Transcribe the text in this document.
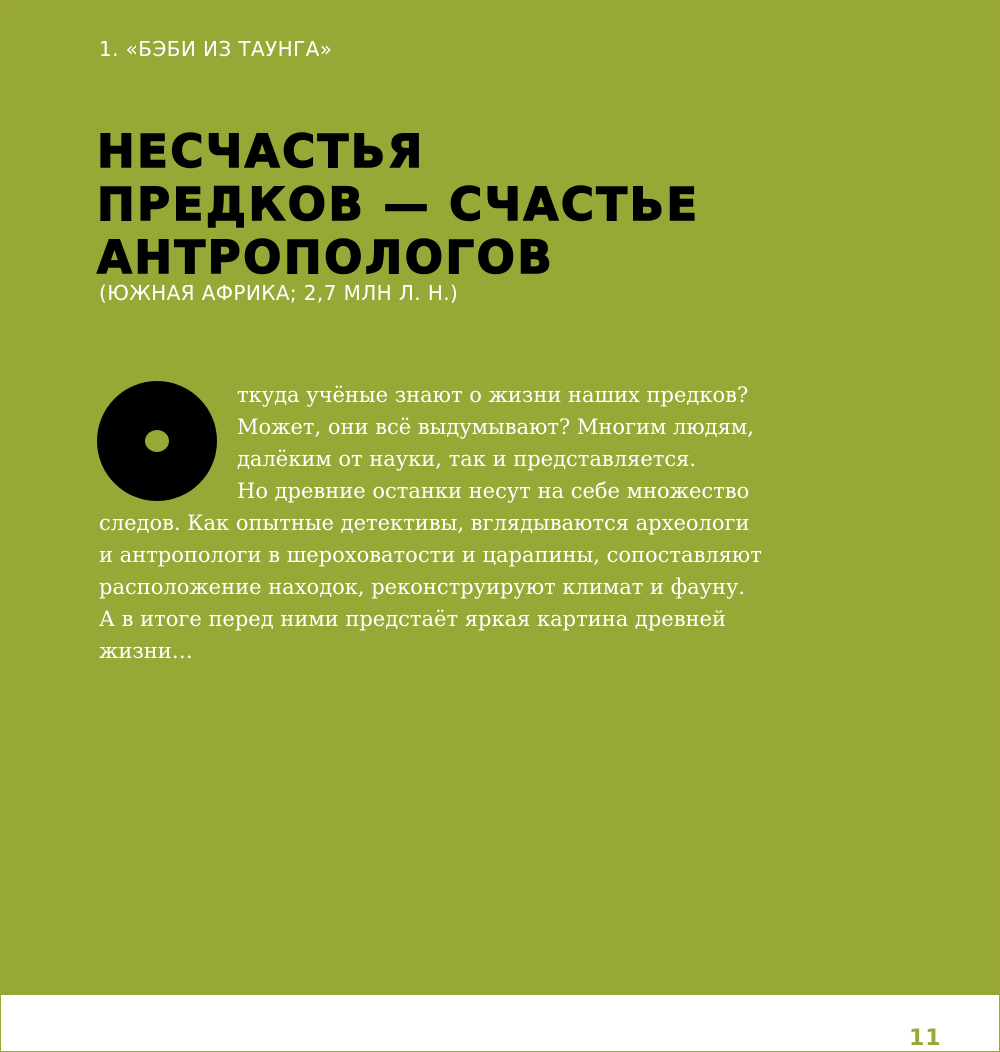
1. «БЭБИ ИЗ ТАУНГА»
НЕСЧАСТЬЯ
ПРЕДКОВ — СЧАСТЬЕ
АНТРОПОЛОГОВ
(ЮЖНАЯ АФРИКА; 2,7 МЛН Л. Н.)
ткуда учёные знают о жизни наших предков?
Может, они всё выдумывают? Многим людям,
далёким от науки, так и представляется.
Но древние останки несут на себе множество
следов. Как опытные детективы, вглядываются археологи
и антропологи в шероховатости и царапины, сопоставляют
расположение находок, реконструируют климат и фауну.
А в итоге перед ними предстаёт яркая картина древней
жизни…
11
